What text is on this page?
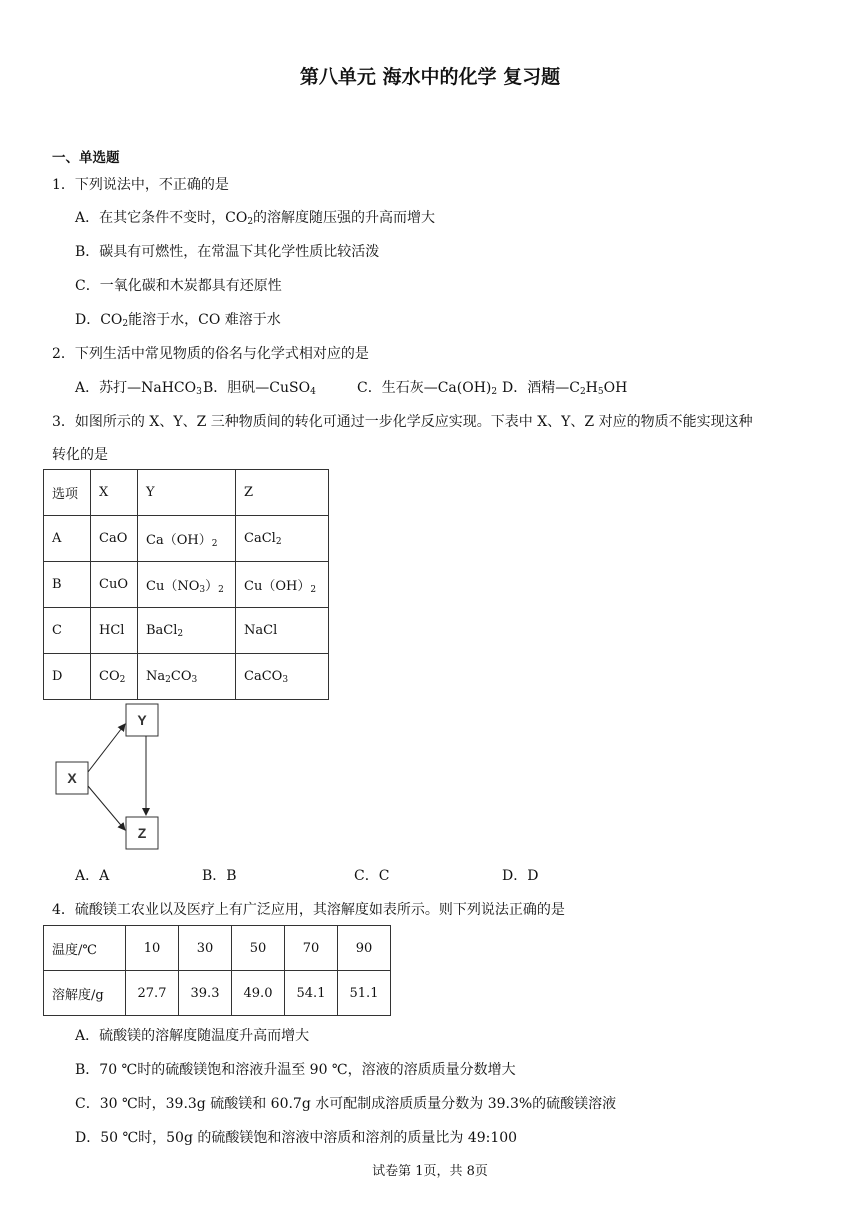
第八单元 海水中的化学 复习题
一、单选题
1．下列说法中，不正确的是
A．在其它条件不变时，$CO_2$的溶解度随压强的升高而增大
B．碳具有可燃性，在常温下其化学性质比较活泼
C．一氧化碳和木炭都具有还原性
D．$CO_2$能溶于水，CO 难溶于水
2．下列生活中常见物质的俗名与化学式相对应的是
A．苏打—NaHCO$_3$ B．胆矾—CuSO$_4$	C．生石灰$—Ca(OH)_2$ D．酒精$—C_2H_5OH$
3．如图所示的 X、Y、Z 三种物质间的转化可通过一步化学反应实现。下表中 X、Y、Z 对应的物质不能实现这种
转化的是
选项	X	Y	Z
A	CaO	$Ca(OH)_2$	CaCl$_2$
B	CuO	$Cu(NO_3)_2$	$Cu(OH)_2$
C	HCl	BaCl$_2$	NaCl
D	$CO_2$	$Na_2CO_3$	CaCO$_3$
Y
X
Z
A．A	B．B	C．C	D．D
4．硫酸镁工农业以及医疗上有广泛应用，其溶解度如表所示。则下列说法正确的是
温度/℃	10	30	50	70	90
溶解度/g	27.7	39.3	49.0	54.1	51.1
A．硫酸镁的溶解度随温度升高而增大
B．70 ℃时的硫酸镁饱和溶液升温至 90 ℃，溶液的溶质质量分数增大
C．30 ℃时，39.3g 硫酸镁和 60.7g 水可配制成溶质质量分数为 39.3%的硫酸镁溶液
D．50 ℃时，50g 的硫酸镁饱和溶液中溶质和溶剂的质量比为 49:100
试卷第 1页，共 8页
